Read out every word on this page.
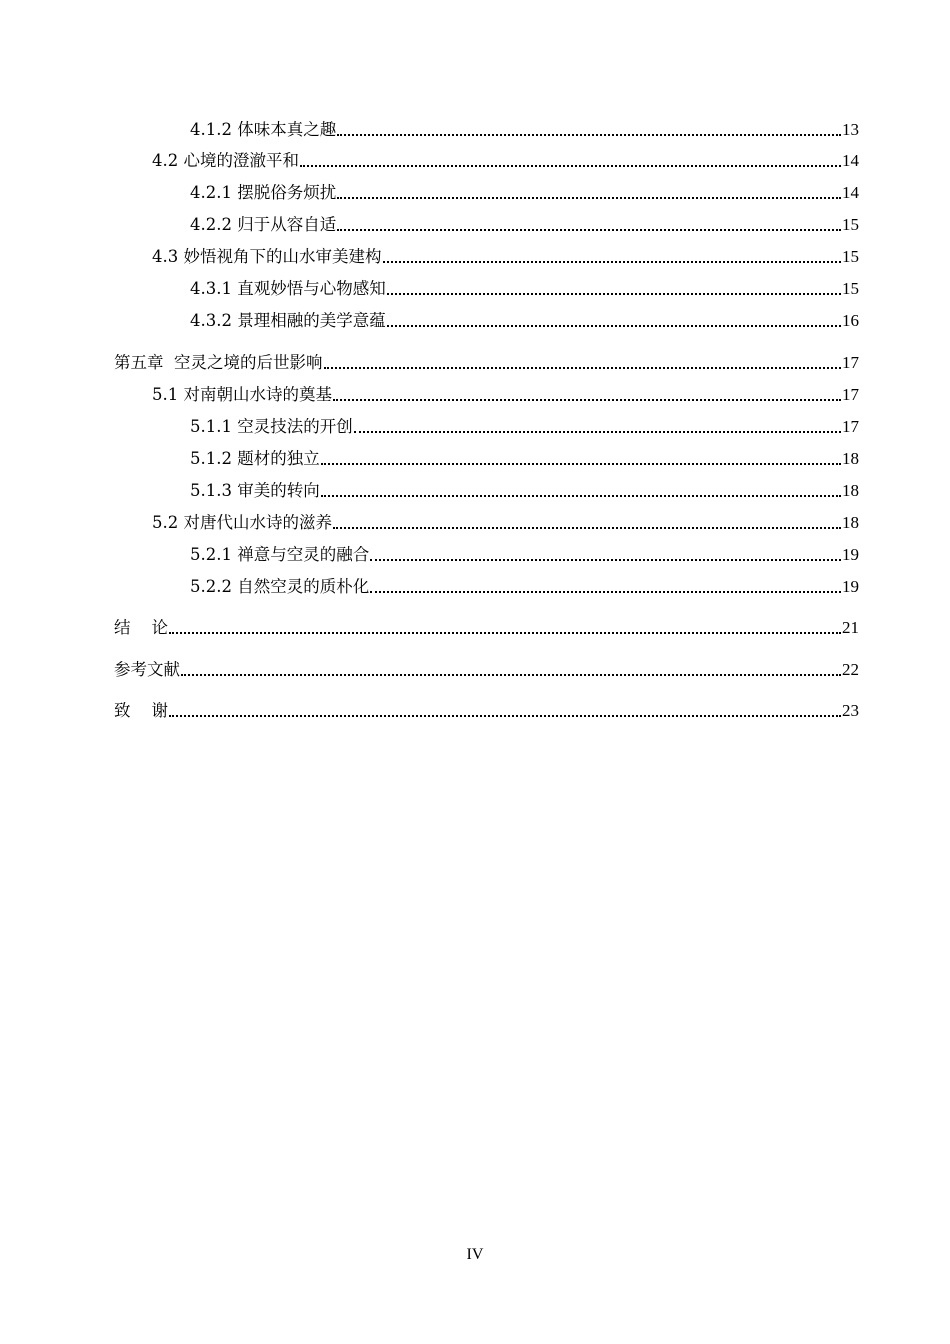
4.1.2 体味本真之趣	13
4.2 心境的澄澈平和	14
4.2.1 摆脱俗务烦扰	14
4.2.2 归于从容自适	15
4.3 妙悟视角下的山水审美建构	15
4.3.1 直观妙悟与心物感知	15
4.3.2 景理相融的美学意蕴	16
第五章  空灵之境的后世影响	17
5.1 对南朝山水诗的奠基	17
5.1.1 空灵技法的开创	17
5.1.2 题材的独立	18
5.1.3 审美的转向	18
5.2 对唐代山水诗的滋养	18
5.2.1 禅意与空灵的融合	19
5.2.2 自然空灵的质朴化	19
结    论	21
参考文献	22
致    谢	23
IV
